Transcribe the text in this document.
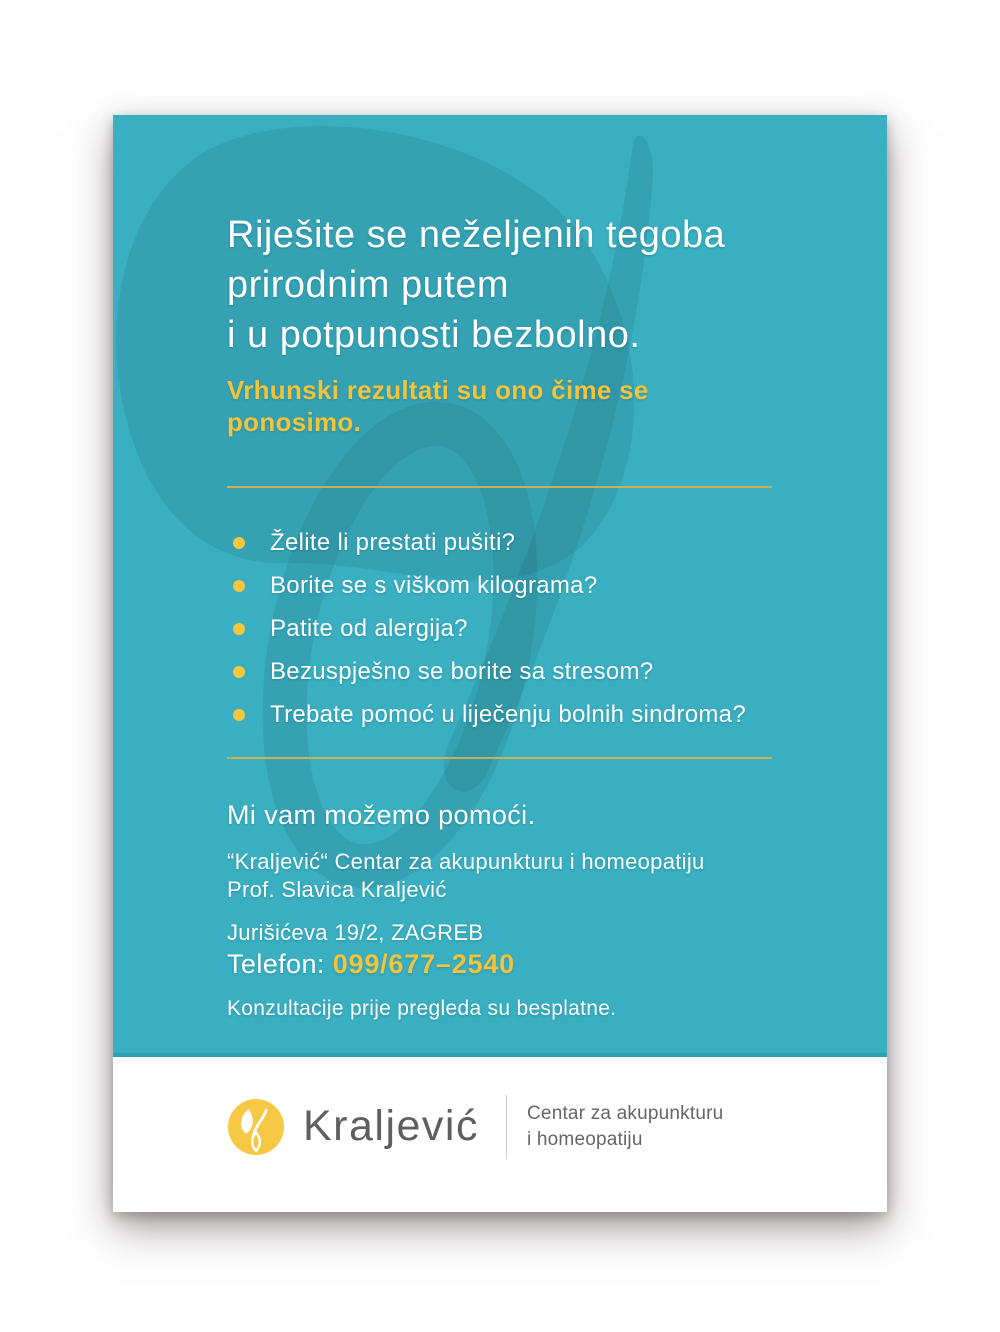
Riješite se neželjenih tegoba
prirodnim putem
i u potpunosti bezbolno.

Vrhunski rezultati su ono čime se ponosimo.

Želite li prestati pušiti?
Borite se s viškom kilograma?
Patite od alergija?
Bezuspješno se borite sa stresom?
Trebate pomoć u liječenju bolnih sindroma?

Mi vam možemo pomoći.

“Kraljević“ Centar za akupunkturu i homeopatiju
Prof. Slavica Kraljević

Jurišićeva 19/2, ZAGREB

Telefon: 099/677–2540

Konzultacije prije pregleda su besplatne.

Kraljević	Centar za akupunkturu
i homeopatiju
